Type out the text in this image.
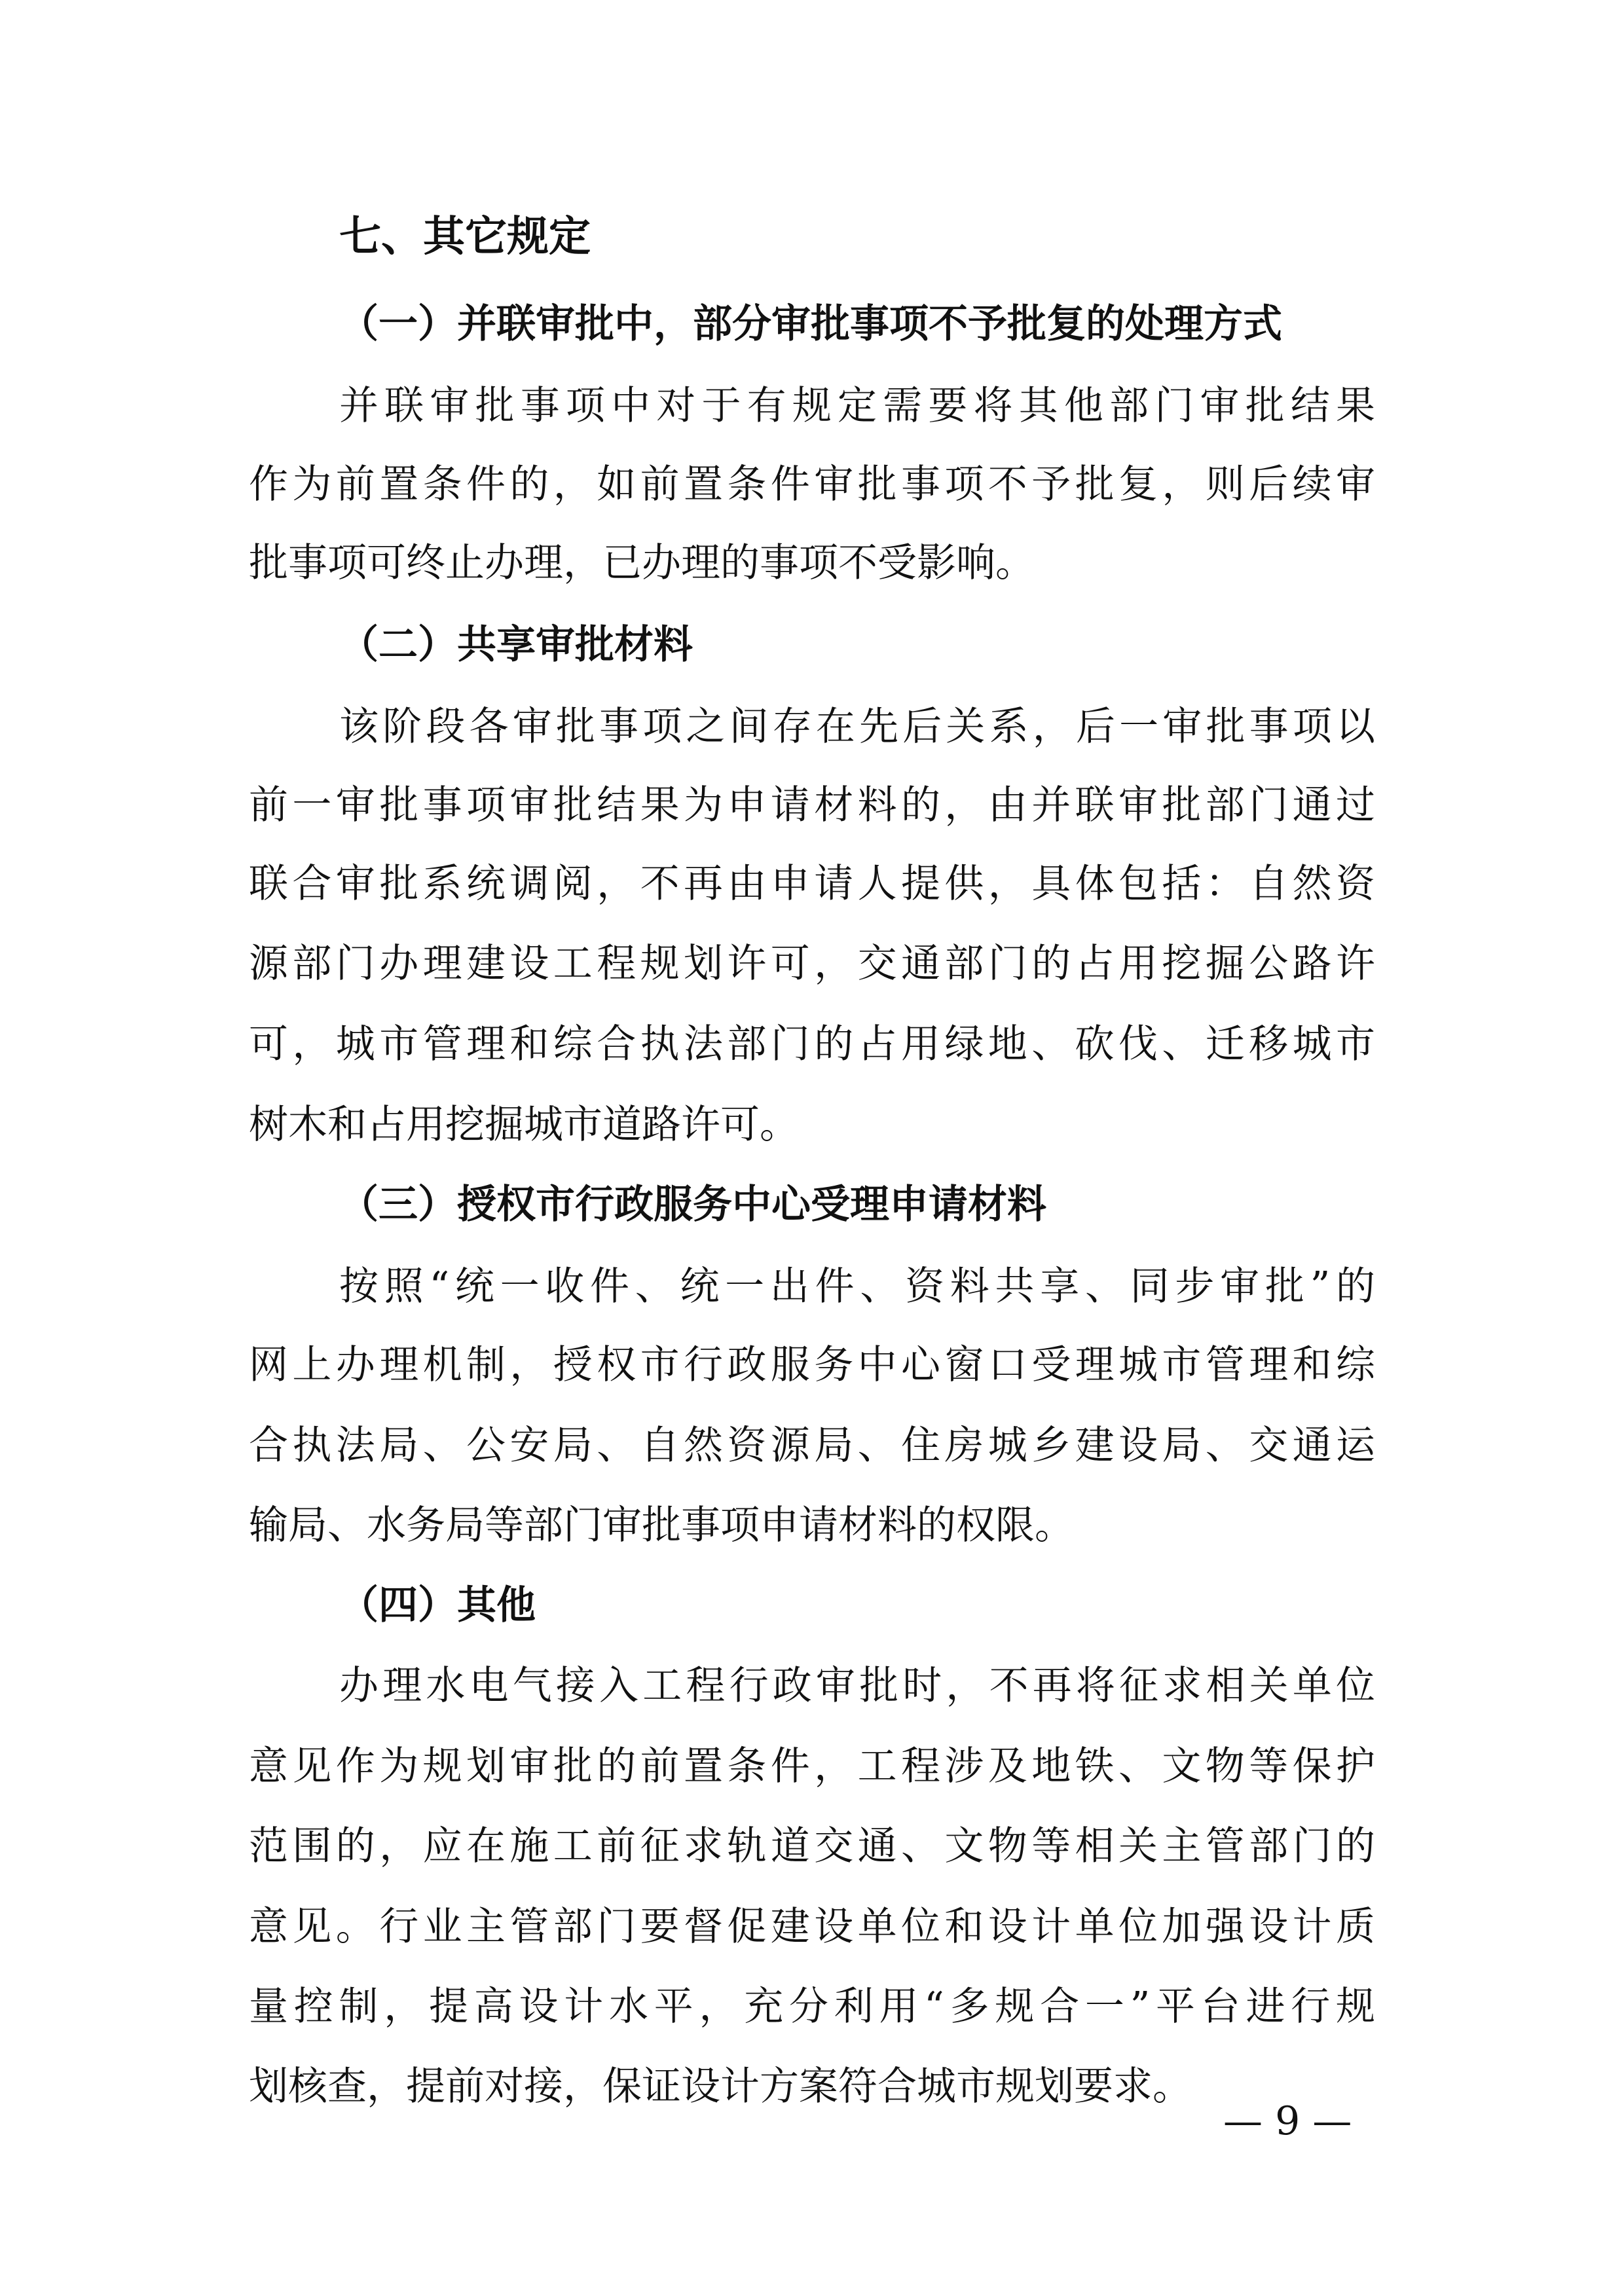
七、其它规定
（一）并联审批中，部分审批事项不予批复的处理方式
并联审批事项中对于有规定需要将其他部门审批结果
作为前置条件的，如前置条件审批事项不予批复，则后续审
批事项可终止办理，已办理的事项不受影响。
（二）共享审批材料
该阶段各审批事项之间存在先后关系，后一审批事项以
前一审批事项审批结果为申请材料的，由并联审批部门通过
联合审批系统调阅，不再由申请人提供，具体包括：自然资
源部门办理建设工程规划许可，交通部门的占用挖掘公路许
可，城市管理和综合执法部门的占用绿地、砍伐、迁移城市
树木和占用挖掘城市道路许可。
（三）授权市行政服务中心受理申请材料
按照“统一收件、统一出件、资料共享、同步审批”的
网上办理机制，授权市行政服务中心窗口受理城市管理和综
合执法局、公安局、自然资源局、住房城乡建设局、交通运
输局、水务局等部门审批事项申请材料的权限。
（四）其他
办理水电气接入工程行政审批时，不再将征求相关单位
意见作为规划审批的前置条件，工程涉及地铁、文物等保护
范围的，应在施工前征求轨道交通、文物等相关主管部门的
意见。行业主管部门要督促建设单位和设计单位加强设计质
量控制，提高设计水平，充分利用“多规合一”平台进行规
划核查，提前对接，保证设计方案符合城市规划要求。
— 9 —
